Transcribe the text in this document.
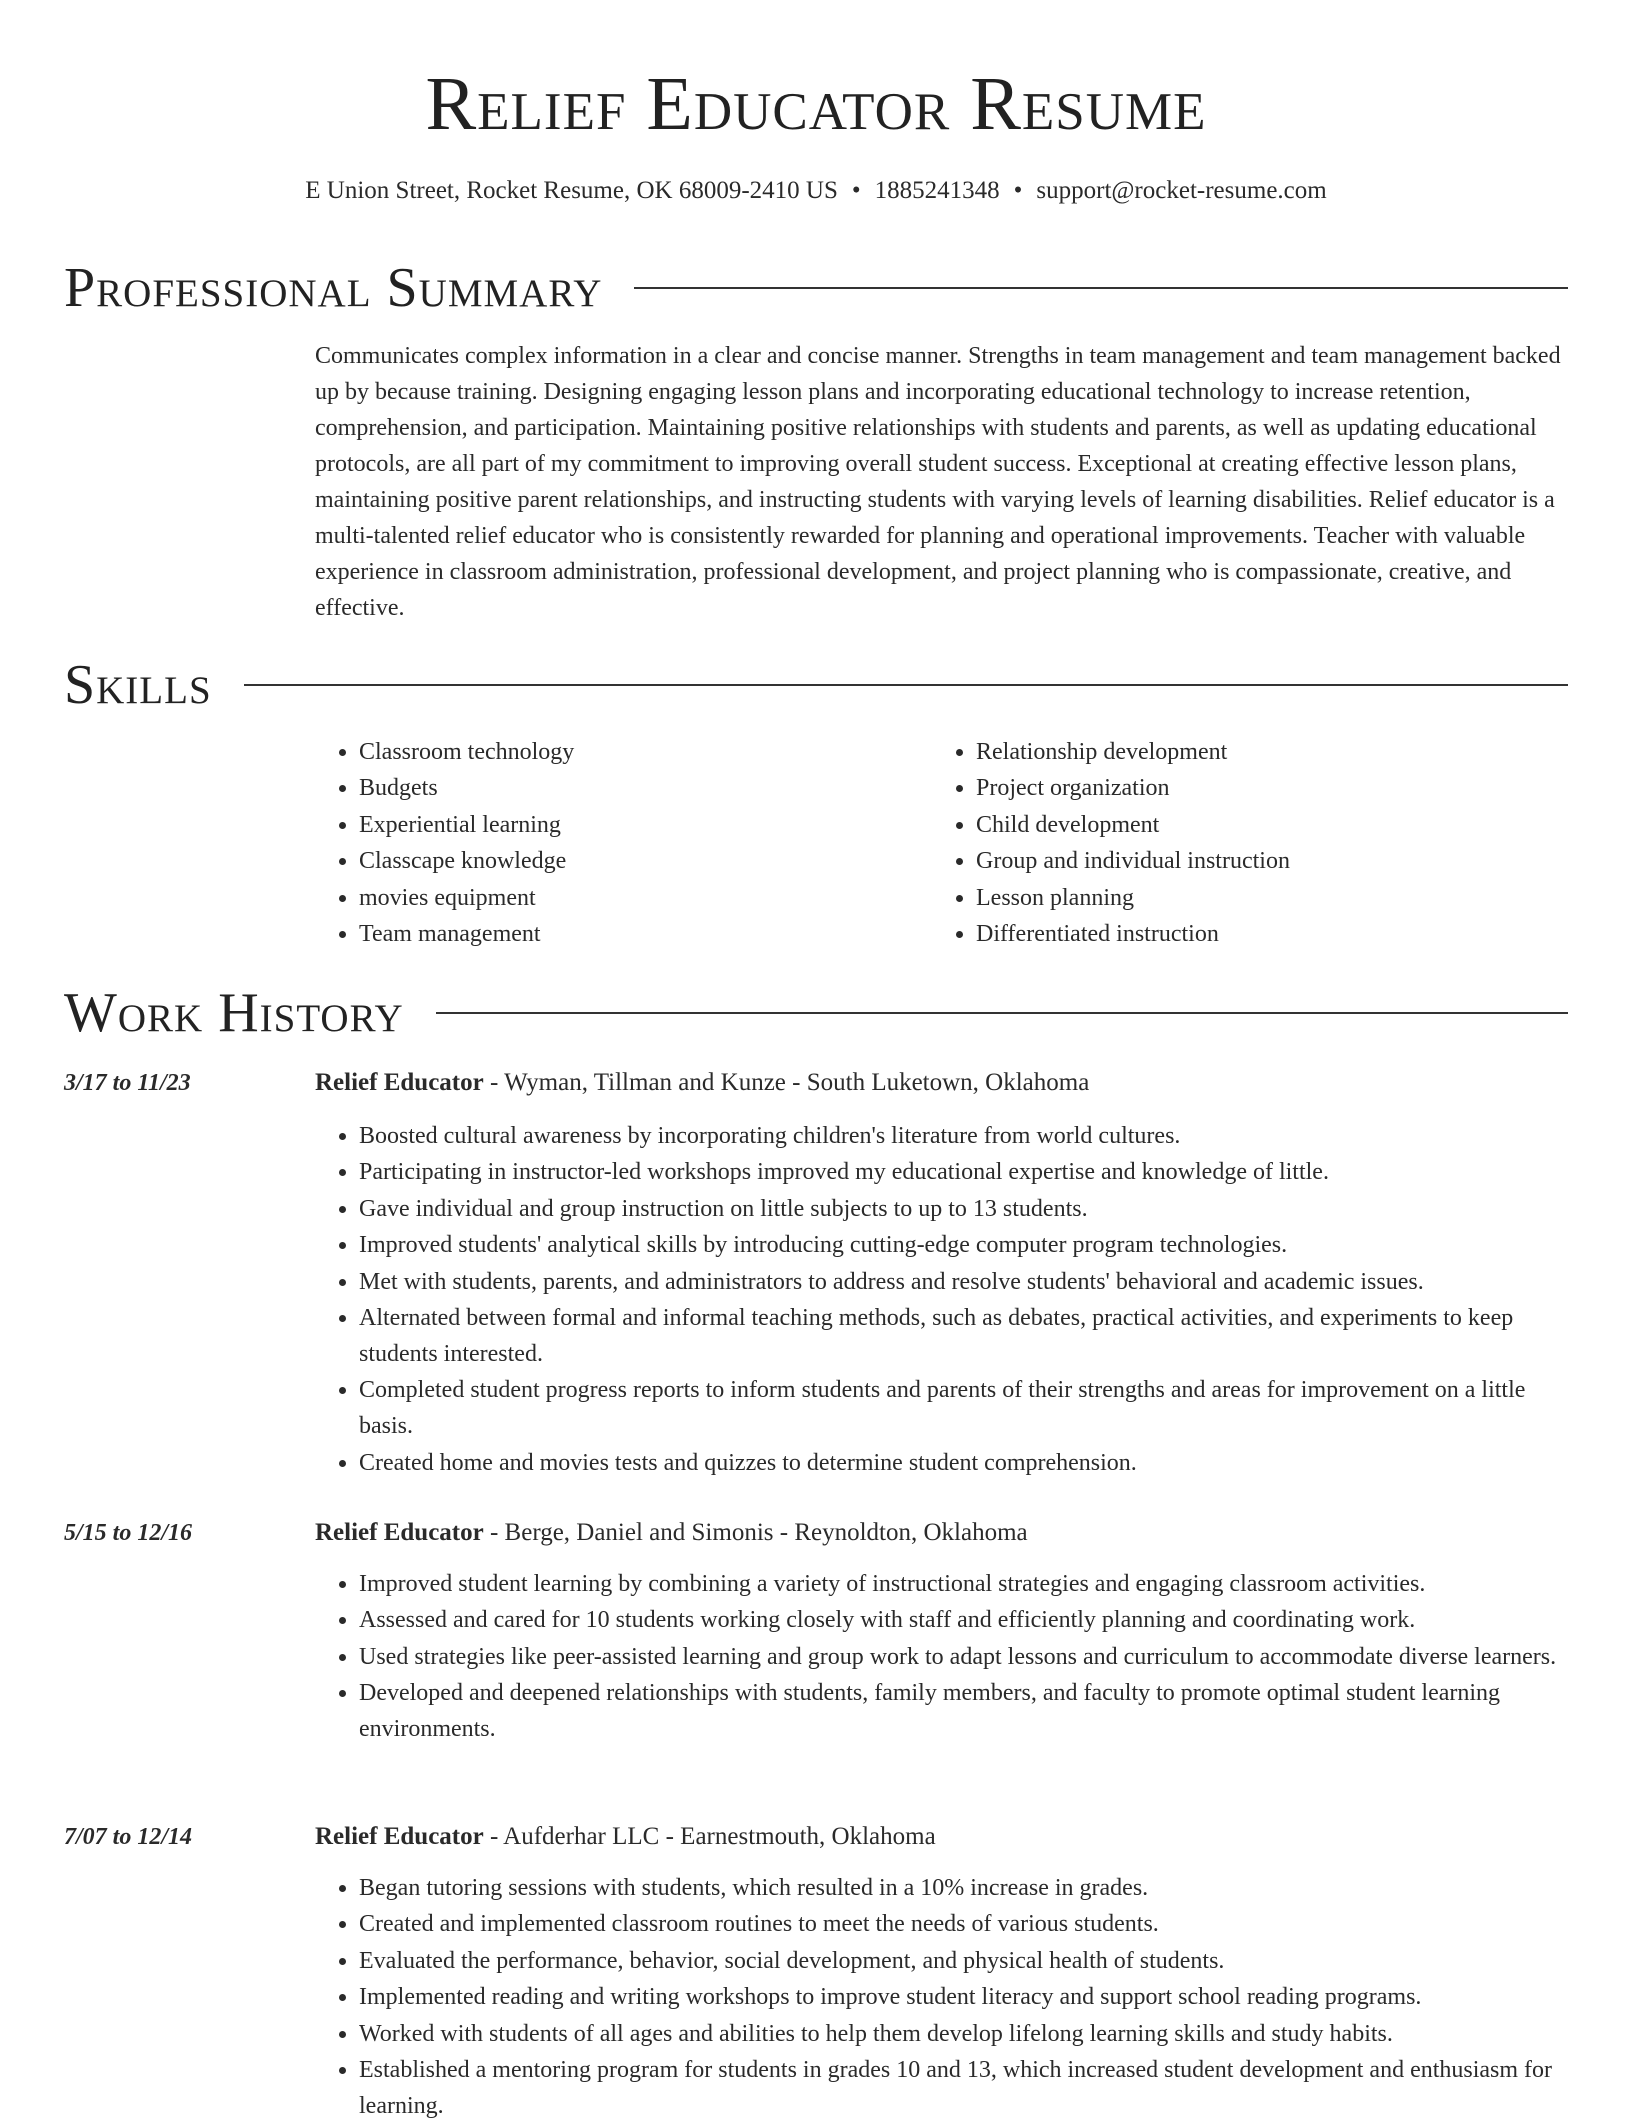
Relief Educator Resume
E Union Street, Rocket Resume, OK 68009-2410 US • 1885241348 • support@rocket-resume.com
Professional Summary

Communicates complex information in a clear and concise manner. Strengths in team management and team management backed up by because training. Designing engaging lesson plans and incorporating educational technology to increase retention, comprehension, and participation. Maintaining positive relationships with students and parents, as well as updating educational protocols, are all part of my commitment to improving overall student success. Exceptional at creating effective lesson plans, maintaining positive parent relationships, and instructing students with varying levels of learning disabilities. Relief educator is a multi-talented relief educator who is consistently rewarded for planning and operational improvements. Teacher with valuable experience in classroom administration, professional development, and project planning who is compassionate, creative, and effective.

Skills
• Classroom technology
• Budgets
• Experiential learning
• Classcape knowledge
• movies equipment
• Team management
• Relationship development
• Project organization
• Child development
• Group and individual instruction
• Lesson planning
• Differentiated instruction
Work History
3/17 to 11/23	Relief Educator - Wyman, Tillman and Kunze - South Luketown, Oklahoma
• Boosted cultural awareness by incorporating children's literature from world cultures.
• Participating in instructor-led workshops improved my educational expertise and knowledge of little.
• Gave individual and group instruction on little subjects to up to 13 students.
• Improved students' analytical skills by introducing cutting-edge computer program technologies.
• Met with students, parents, and administrators to address and resolve students' behavioral and academic issues.
• Alternated between formal and informal teaching methods, such as debates, practical activities, and experiments to keep students interested.
• Completed student progress reports to inform students and parents of their strengths and areas for improvement on a little basis.
• Created home and movies tests and quizzes to determine student comprehension.
5/15 to 12/16	Relief Educator - Berge, Daniel and Simonis - Reynoldton, Oklahoma
• Improved student learning by combining a variety of instructional strategies and engaging classroom activities.
• Assessed and cared for 10 students working closely with staff and efficiently planning and coordinating work.
• Used strategies like peer-assisted learning and group work to adapt lessons and curriculum to accommodate diverse learners.
• Developed and deepened relationships with students, family members, and faculty to promote optimal student learning environments.
7/07 to 12/14	Relief Educator - Aufderhar LLC - Earnestmouth, Oklahoma
• Began tutoring sessions with students, which resulted in a 10% increase in grades.
• Created and implemented classroom routines to meet the needs of various students.
• Evaluated the performance, behavior, social development, and physical health of students.
• Implemented reading and writing workshops to improve student literacy and support school reading programs.
• Worked with students of all ages and abilities to help them develop lifelong learning skills and study habits.
• Established a mentoring program for students in grades 10 and 13, which increased student development and enthusiasm for learning.
